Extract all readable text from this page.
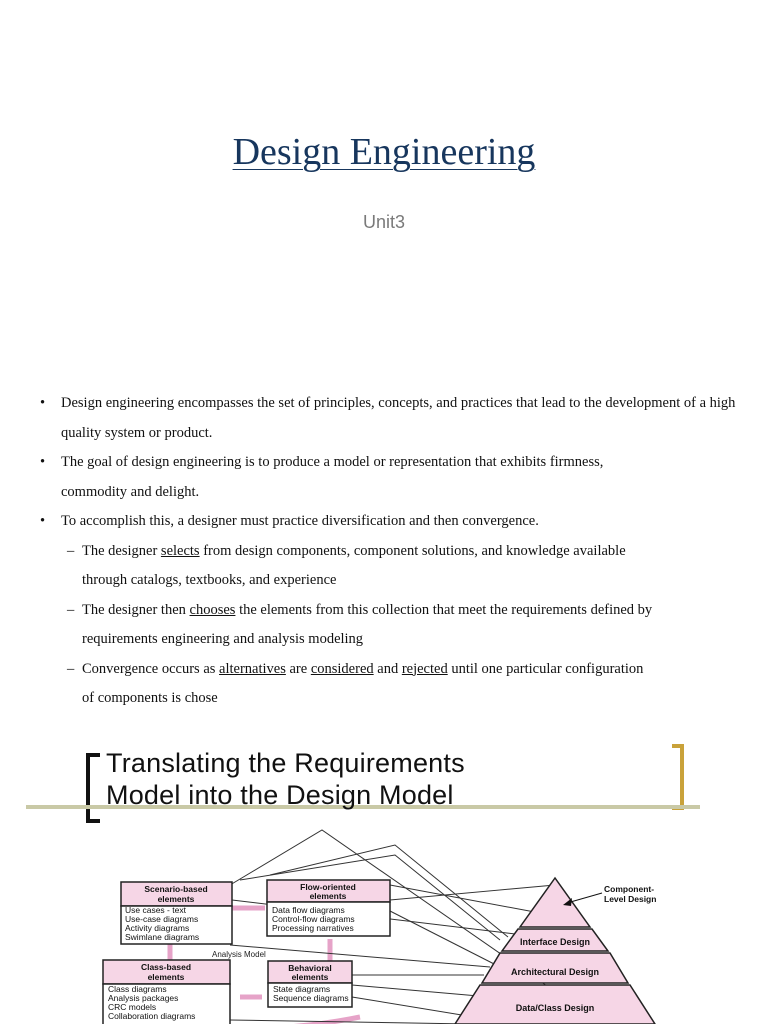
Design Engineering
Unit3
• Design engineering encompasses the set of principles, concepts, and practices that lead to the development of a high quality system or product.
• The goal of design engineering is to produce a model or representation that exhibits firmness,
commodity and delight.
• To accomplish this, a designer must practice diversification and then convergence.
– The designer selects from design components, component solutions, and knowledge available
through catalogs, textbooks, and experience
– The designer then chooses the elements from this collection that meet the requirements defined by
requirements engineering and analysis modeling
– Convergence occurs as alternatives are considered and rejected until one particular configuration
of components is chose
Translating the Requirements
Model into the Design Model
Scenario-based
elements
Use cases - text
Use-case diagrams
Activity diagrams
Swimlane diagrams
Flow-oriented
elements
Data flow diagrams
Control-flow diagrams
Processing narratives
Analysis Model
Class-based
elements
Class diagrams
Analysis packages
CRC models
Collaboration diagrams
Behavioral
elements
State diagrams
Sequence diagrams
Interface Design
Architectural Design
Data/Class Design
Component-
Level Design
